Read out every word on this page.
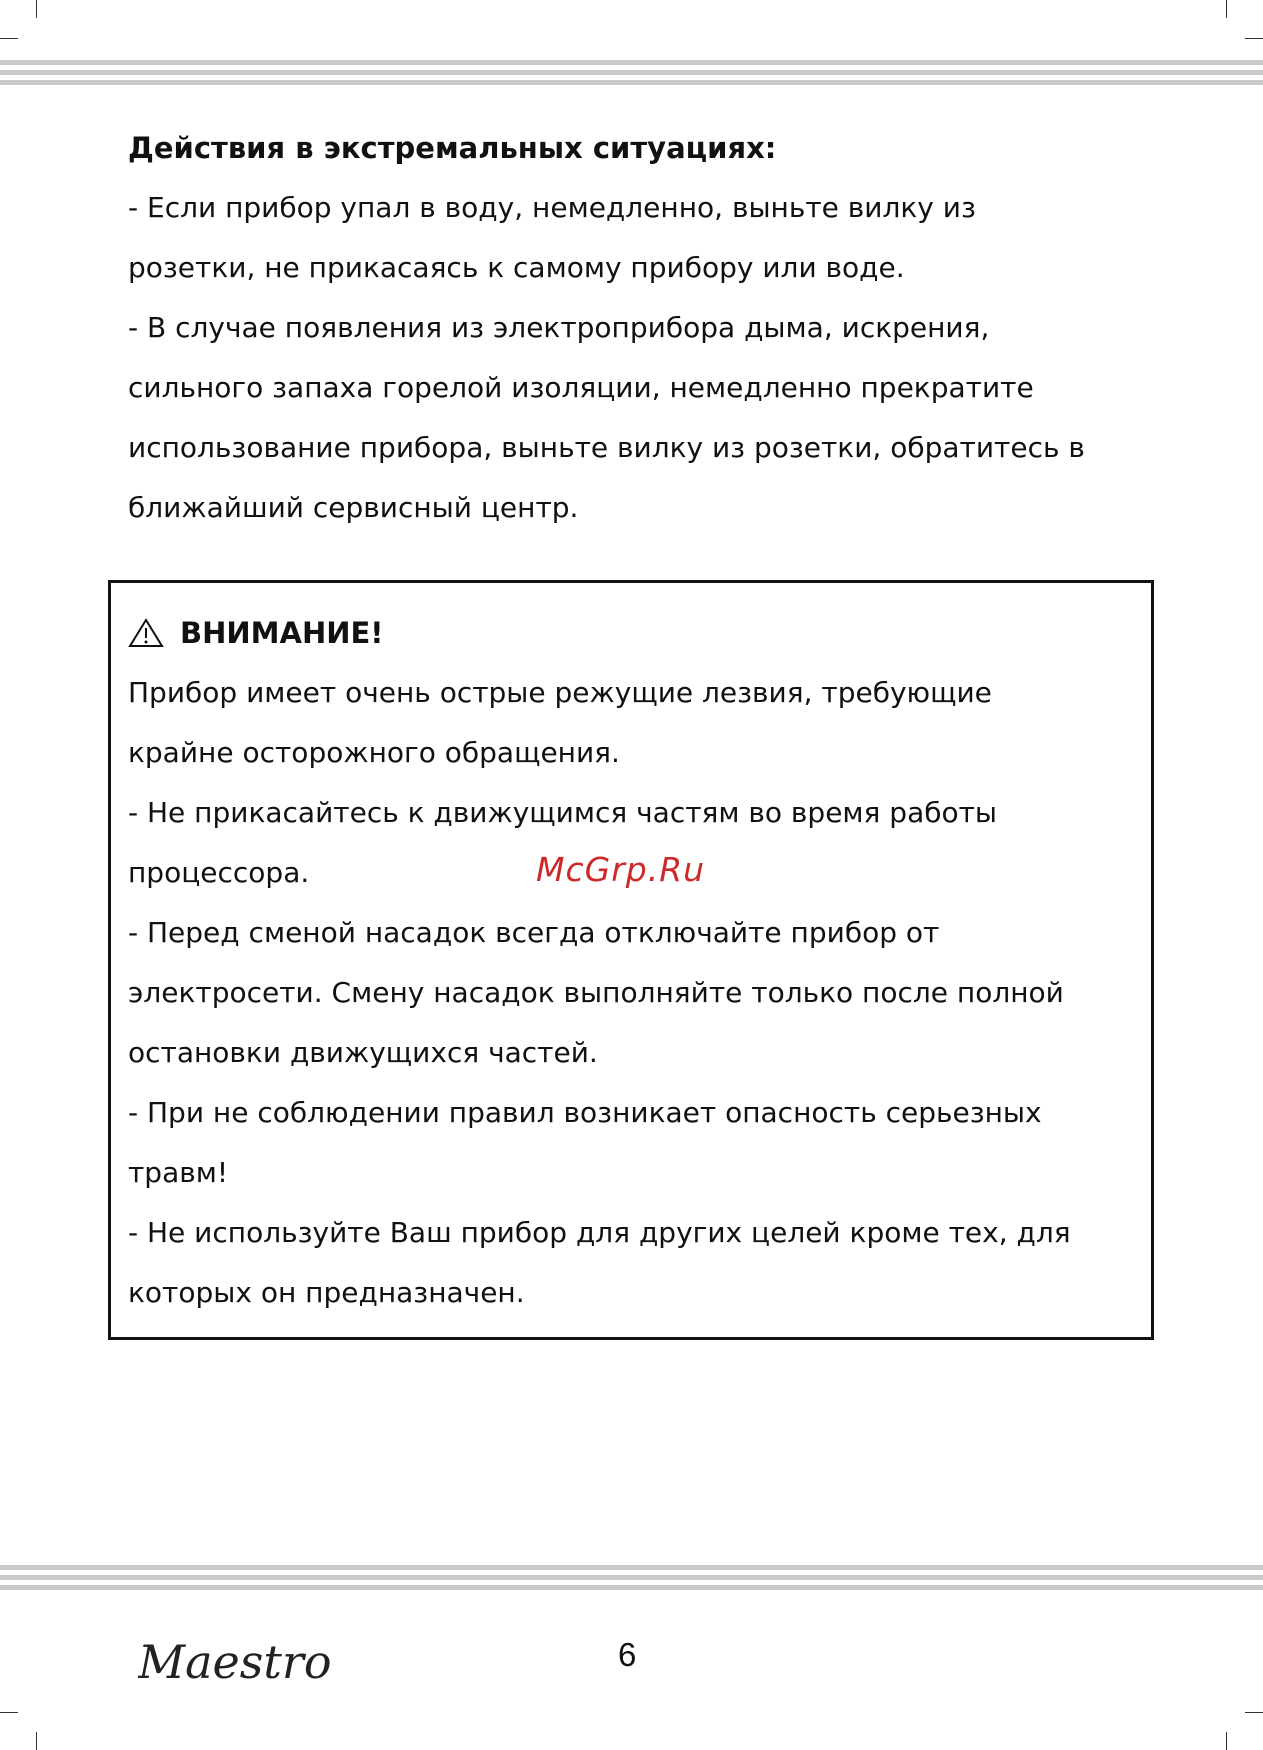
Действия в экстремальных ситуациях:

- Если прибор упал в воду, немедленно, выньте вилку из

розетки, не прикасаясь к самому прибору или воде.

- В случае появления из электроприбора дыма, искрения,

сильного запаха горелой изоляции, немедленно прекратите

использование прибора, выньте вилку из розетки, обратитесь в

ближайший сервисный центр.

ВНИМАНИЕ!

Прибор имеет очень острые режущие лезвия, требующие

крайне осторожного обращения.

- Не прикасайтесь к движущимся частям во время работы

процессора.

- Перед сменой насадок всегда отключайте прибор от

электросети. Смену насадок выполняйте только после полной

остановки движущихся частей.

- При не соблюдении правил возникает опасность серьезных

травм!

- Не используйте Ваш прибор для других целей кроме тех, для

которых он предназначен.

McGrp.Ru
Maestro	6
